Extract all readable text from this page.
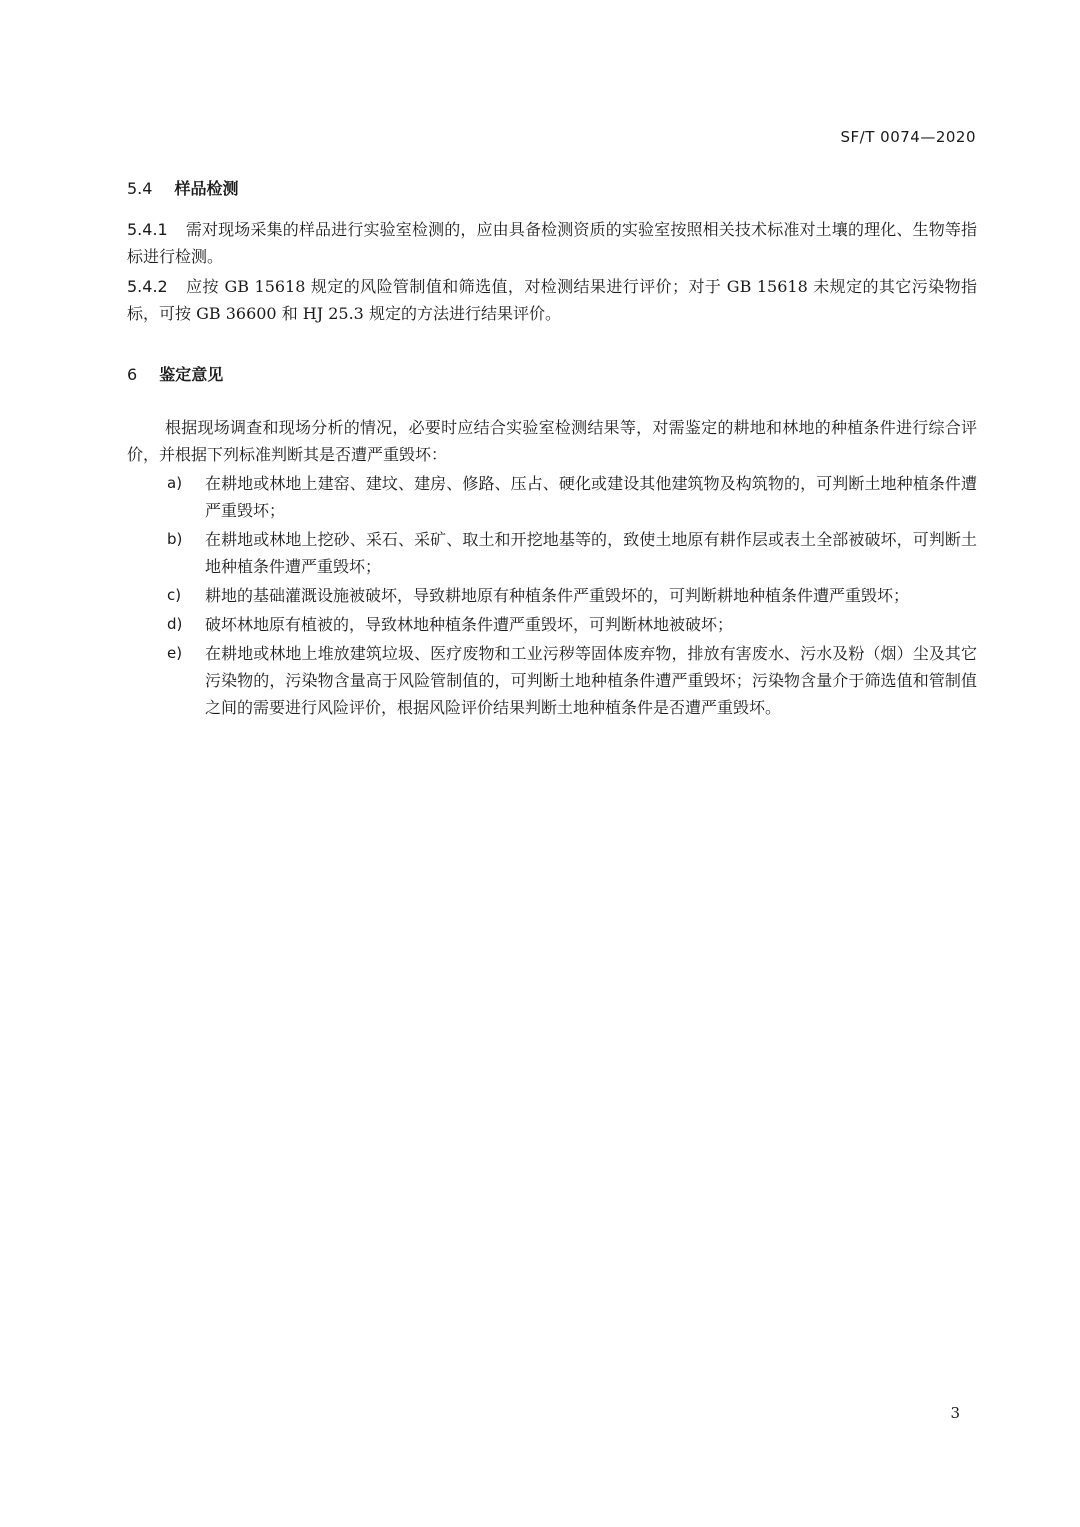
SF/T 0074—2020
5.4 样品检测
5.4.1 需对现场采集的样品进行实验室检测的，应由具备检测资质的实验室按照相关技术标准对土壤的理化、生物等指标进行检测。
5.4.2 应按 GB 15618 规定的风险管制值和筛选值，对检测结果进行评价；对于 GB 15618 未规定的其它污染物指标，可按 GB 36600 和 HJ 25.3 规定的方法进行结果评价。
6 鉴定意见
根据现场调查和现场分析的情况，必要时应结合实验室检测结果等，对需鉴定的耕地和林地的种植条件进行综合评价，并根据下列标准判断其是否遭严重毁坏：
a) 在耕地或林地上建窑、建坟、建房、修路、压占、硬化或建设其他建筑物及构筑物的，可判断土地种植条件遭严重毁坏；
b) 在耕地或林地上挖砂、采石、采矿、取土和开挖地基等的，致使土地原有耕作层或表土全部被破坏，可判断土地种植条件遭严重毁坏；
c) 耕地的基础灌溉设施被破坏，导致耕地原有种植条件严重毁坏的，可判断耕地种植条件遭严重毁坏；
d) 破坏林地原有植被的，导致林地种植条件遭严重毁坏，可判断林地被破坏；
e) 在耕地或林地上堆放建筑垃圾、医疗废物和工业污秽等固体废弃物，排放有害废水、污水及粉（烟）尘及其它污染物的，污染物含量高于风险管制值的，可判断土地种植条件遭严重毁坏；污染物含量介于筛选值和管制值之间的需要进行风险评价，根据风险评价结果判断土地种植条件是否遭严重毁坏。
3
